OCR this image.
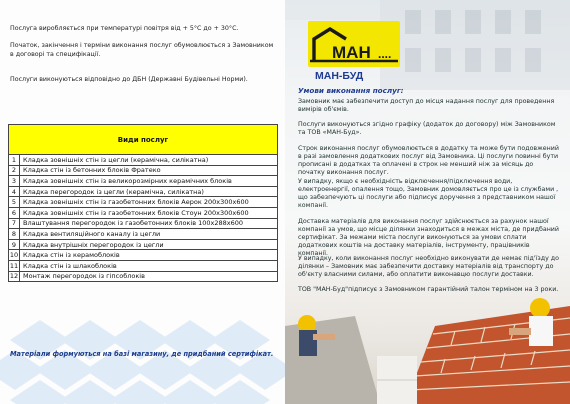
Послуга виробляється при температурі повітря від + 5°С до + 30°С.

Початок, закінчення і терміни виконання послуг обумовлюється з Замовником в договорі та специфікації.

Послуги виконуються відповідно до ДБН (Державні Будівельні Норми).

Види послуг	
1	Кладка зовнішніх стін із цегли (керамічна, силікатна)
2	Кладка стін із бетонних блоків Фратеко
3	Кладка зовнішніх стін із великорозмірних керамічних блоків
4	Кладка перегородок із цегли (керамічна, силікатна)
5	Кладка зовнішніх стін із газобетонних блоків Аерок 200х300х600
6	Кладка зовнішніх стін із газобетонних блоків Стоун 200х300х600
7	Влаштування перегородок із газобетонних блоків 100х288х600
8	Кладка вентиляційного каналу із цегли
9	Кладка внутрішніх перегородок із цегли
10	Кладка стін із керамоблоків
11	Кладка стін із шлакоблоків
12	Монтаж перегородок із гіпсоблоків

Матеріали формуються на базі магазину, де придбаний сертифікат.

МАН ....
МАН-БУД
Умови виконання послуг:

Замовник має забезпечити доступ до місця надання послуг для проведення вимірів об'ємів.

Послуги виконуються згідно графіку (додаток до договору) між Замовником та ТОВ «МАН-Буд».

Строк виконання послуг обумовлюється в додатку та може бути подовжений в разі замовлення додаткових послуг від Замовника. Ці послуги повинні бути прописані в додатках та оплачені в строк не менший ніж за місяць до початку виконання послуг.

У випадку, якщо є необхідність відключення/підключення води, електроенергії, опалення тощо, Замовник домовляється про це із службами , що забезпечують ці послуги або підписує доручення з представником нашої компанії.

Доставка матеріалів для виконання послуг здійснюється за рахунок нашої компанії за умов, що місце ділянки знаходиться в межах міста, де придбаний сертифікат. За межами міста послуги виконуються за умови сплати додаткових коштів на доставку матеріалів, інструменту, працівників компанії.

У випадку, коли виконання послуг необхідно виконувати де немає під'їзду до ділянки – Замовник має забезпечити доставку матеріалів від транспорту до об'єкту власними силами, або оплатити виконавцю послуги доставки.

ТОВ "МАН-Буд"підписує з Замовником гарантійний талон терміном на 3 роки.
